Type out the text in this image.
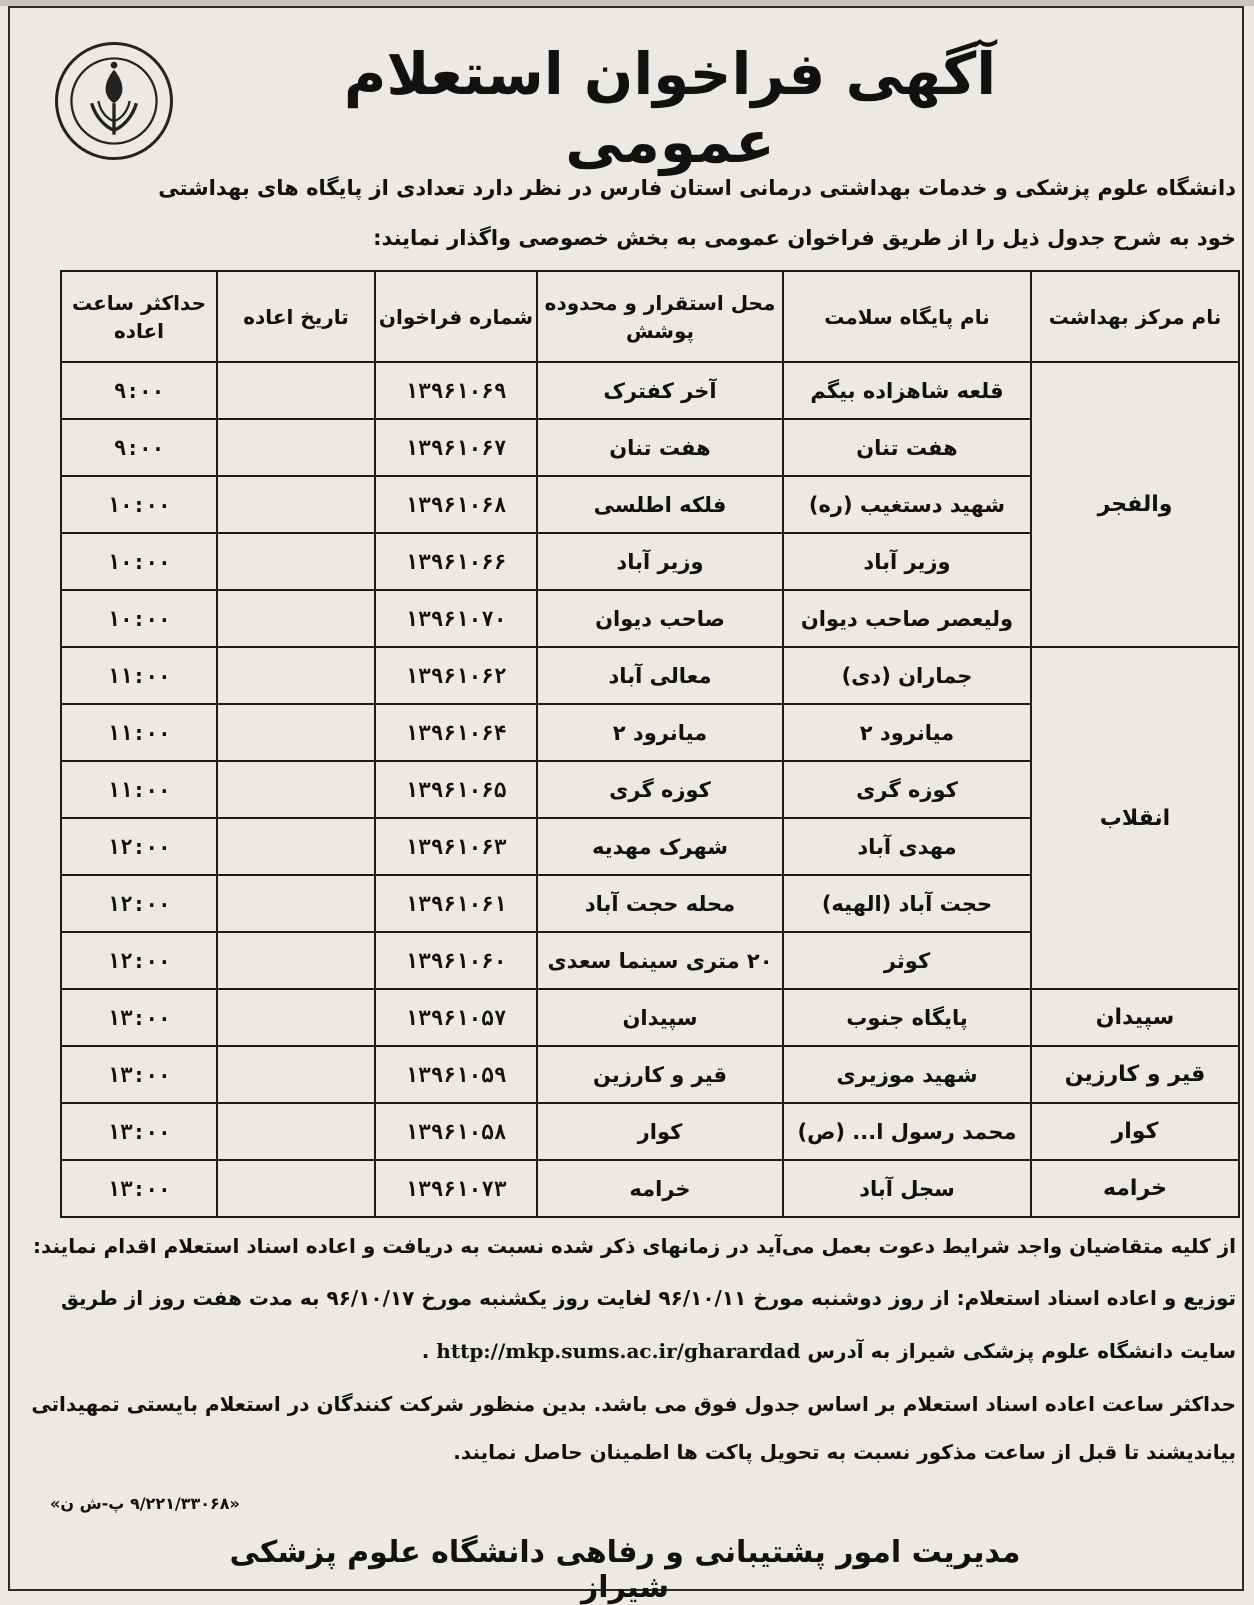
آگهی فراخوان استعلام عمومی
دانشگاه علوم پزشکی و خدمات بهداشتی درمانی استان فارس در نظر دارد تعدادی از پایگاه های بهداشتی
خود به شرح جدول ذیل را از طریق فراخوان عمومی به بخش خصوصی واگذار نمایند:
نام مرکز بهداشت	نام پایگاه سلامت	محل استقرار و محدوده پوشش	شماره فراخوان	تاریخ اعاده	حداکثر ساعت اعاده
والفجر	قلعه شاهزاده بیگم	آخر کفترک	۱۳۹۶۱۰۶۹		۹:۰۰
	هفت تنان	هفت تنان	۱۳۹۶۱۰۶۷		۹:۰۰
	شهید دستغیب (ره)	فلکه اطلسی	۱۳۹۶۱۰۶۸		۱۰:۰۰
	وزیر آباد	وزیر آباد	۱۳۹۶۱۰۶۶		۱۰:۰۰
	ولیعصر صاحب دیوان	صاحب دیوان	۱۳۹۶۱۰۷۰		۱۰:۰۰
انقلاب	جماران (دی)	معالی آباد	۱۳۹۶۱۰۶۲		۱۱:۰۰
	میانرود ۲	میانرود ۲	۱۳۹۶۱۰۶۴		۱۱:۰۰
	کوزه گری	کوزه گری	۱۳۹۶۱۰۶۵		۱۱:۰۰
	مهدی آباد	شهرک مهدیه	۱۳۹۶۱۰۶۳		۱۲:۰۰
	حجت آباد (الهیه)	محله حجت آباد	۱۳۹۶۱۰۶۱		۱۲:۰۰
	کوثر	۲۰ متری سینما سعدی	۱۳۹۶۱۰۶۰		۱۲:۰۰
سپیدان	پایگاه جنوب	سپیدان	۱۳۹۶۱۰۵۷		۱۳:۰۰
قیر و کارزین	شهید موزیری	قیر و کارزین	۱۳۹۶۱۰۵۹		۱۳:۰۰
کوار	محمد رسول ا... (ص)	کوار	۱۳۹۶۱۰۵۸		۱۳:۰۰
خرامه	سجل آباد	خرامه	۱۳۹۶۱۰۷۳		۱۳:۰۰
از کلیه متقاضیان واجد شرایط دعوت بعمل می‌آید در زمانهای ذکر شده نسبت به دریافت و اعاده اسناد استعلام اقدام نمایند:
توزیع و اعاده اسناد استعلام: از روز دوشنبه مورخ ۹۶/۱۰/۱۱ لغایت روز یکشنبه مورخ ۹۶/۱۰/۱۷ به مدت هفت روز از طریق
سایت دانشگاه علوم پزشکی شیراز به آدرس http://mkp.sums.ac.ir/gharardad .
حداکثر ساعت اعاده اسناد استعلام بر اساس جدول فوق می باشد. بدین منظور شرکت کنندگان در استعلام بایستی تمهیداتی
بیاندیشند تا قبل از ساعت مذکور نسبت به تحویل پاکت ها اطمینان حاصل نمایند.
«۹/۲۲۱/۳۳۰۶۸ پ-ش ن»
مدیریت امور پشتیبانی و رفاهی دانشگاه علوم پزشکی شیراز
